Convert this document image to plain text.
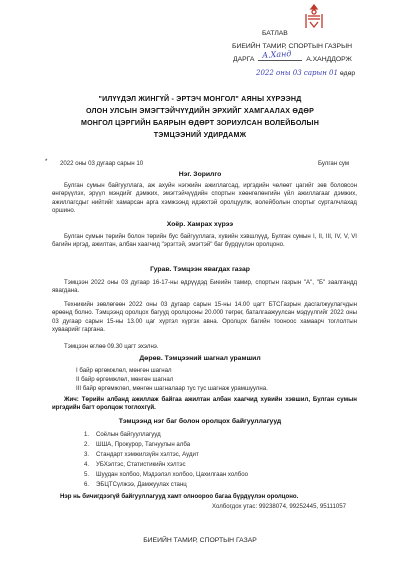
БАТЛАВ
БИЕИЙН ТАМИР, СПОРТЫН ГАЗРЫН
ДАРГА	А.ХАНДДОРЖ
А.Ханд
2022 оны 03 сарын 01 өдөр
"ИЛҮҮДЭЛ ЖИНГҮЙ - ЭРТЭЧ МОНГОЛ" АЯНЫ ХҮРЭЭНД
ОЛОН УЛСЫН ЭМЭГТЭЙЧҮҮДИЙН ЭРХИЙГ ХАМГААЛАХ ӨДӨР
МОНГОЛ ЦЭРГИЙН БАЯРЫН ӨДӨРТ ЗОРИУЛСАН ВОЛЕЙБОЛЫН
ТЭМЦЭЭНИЙ УДИРДАМЖ
* 2022 оны 03 дугаар сарын 10	Булган сум
Нэг. Зорилго
Булган сумын байгууллага, аж ахуйн нэгжийн ажиллагсад, иргэдийн чөлөөт цагийг зөв боловсон өнгөрүүлэх, эрүүл мэндийг дэмжих, эмэгтэйчүүдийн спортын хөөнгөлөнгийн үйл ажиллагааг дэмжих, ажиллагсдыг нийтийг хамарсан арга хэмжээнд идэвхтэй оролцуулж, волейболын спортыг сурталчлахад оршино.
Хоёр. Хамрах хүрээ
Булган сумын төрийн болон төрийн бус байгууллага, хувийн хэвшлүүд, Булган сумын I, II, III, IV, V, VI багийн иргэд, ажилтан, албан хаагчид "эрэгтэй, эмэгтэй" баг бүрдүүлэн оролцоно.
Гурав. Тэмцээн явагдах газар
Тэмцээн 2022 оны 03 дугаар 16-17-ны өдрүүдэд Биеийн тамир, спортын газрын "А", "Б" заалгандд явагдана.
Техникийн зөвлөгөөн 2022 оны 03 дугаар сарын 15-ны 14.00 цагт БТСГазрын дасгалжуулагчдын өрөөнд болно. Тэмцээнд оролцох багууд оролцооны 20.000 төгрөг, баталгаажуулсан мэдүүлгийг 2022 оны 03 дугаар сарын 15-ны 13.00 цаг хүртэл хүргэх авна. Оролцох багийн тооноос хамаарч тоглолтын хуваарийг гаргана.
Тэмцээн өглөө 09.30 цагт эхэлнэ.
Дөрөв. Тэмцээний шагнал урамшил
I байр өргөмжлөл, мөнгөн шагнал
II байр өргөмжлөл, мөнгөн шагнал
III байр өргөмжлөл, мөнгөн шагналаар тус тус шагнаж урамшуулна.
Жич: Төрийн албанд ажиллаж байгаа ажилтан албан хаагчид хувийн хэвшил, Булган сумын иргэдийн багт оролцож тоглохгүй.
Тэмцээнд нэг баг болон оролцох байгууллагууд
1. Соёлын байгууллагууд
2. ШША, Прокурор, Тагнуулын алба
3. Стандарт хэмжилзүйн хэлтэс, Аудит
4. УБХэлтэс, Статистикийн хэлтэс
5. Шуудан холбоо, Мэдээлэл холбоо, Цахилгаан холбоо
6. ЭБЦТСүлжээ, Дамжуулах станц
Нэр нь бичигдээгүй байгууллагууд хамт олноороо багаа бүрдүүлэн оролцоно.
Холбогдох утас: 99238074, 99252445, 95111057
БИЕИЙН ТАМИР, СПОРТЫН ГАЗАР
